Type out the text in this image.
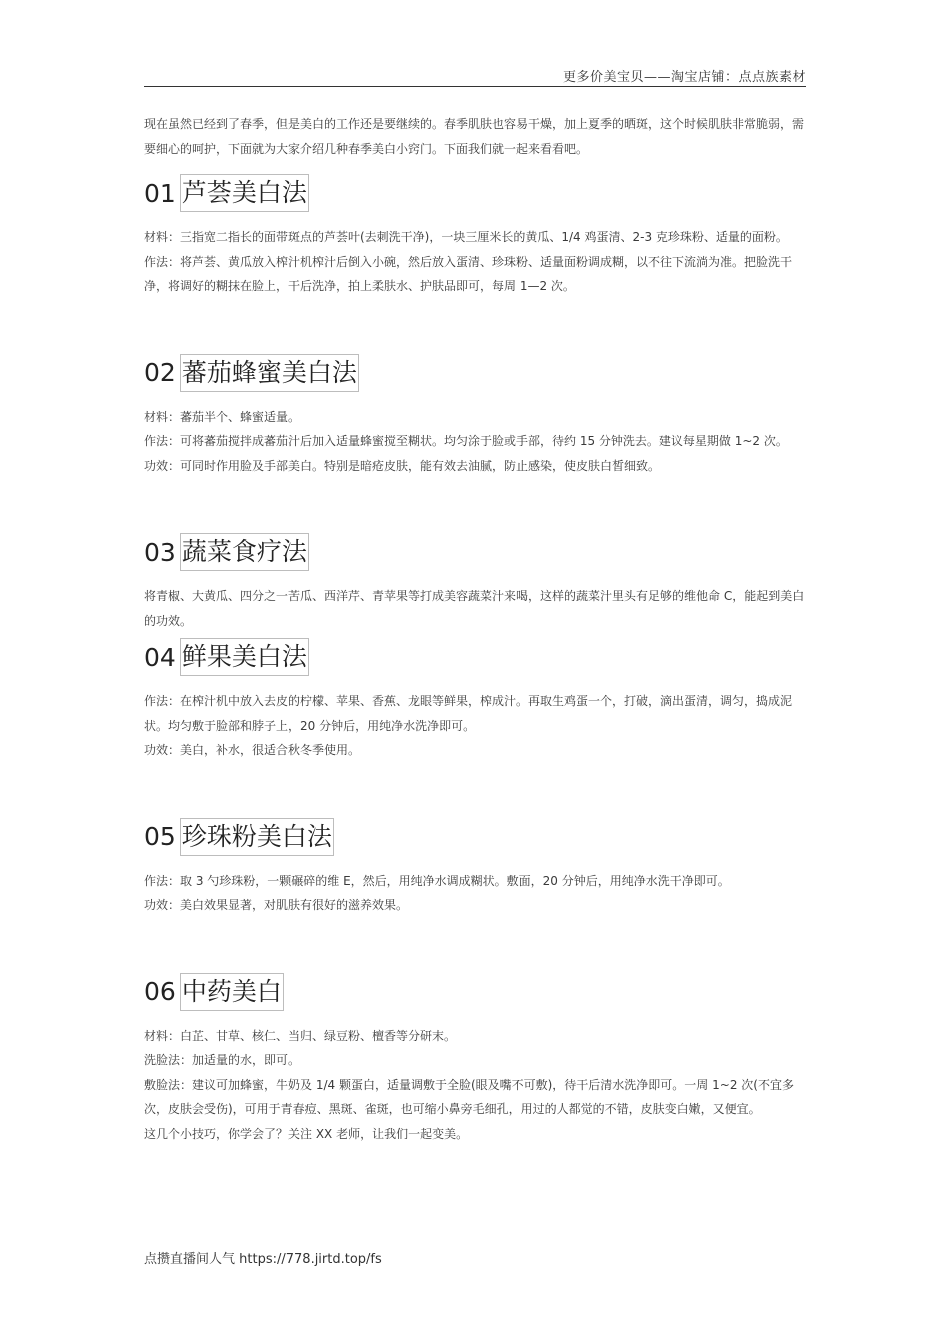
更多价美宝贝——淘宝店铺：点点族素材

现在虽然已经到了春季，但是美白的工作还是要继续的。春季肌肤也容易干燥，加上夏季的晒斑，这个时候肌肤非常脆弱，需要细心的呵护，下面就为大家介绍几种春季美白小窍门。下面我们就一起来看看吧。

01 芦荟美白法

材料：三指宽二指长的面带斑点的芦荟叶(去刺洗干净)，一块三厘米长的黄瓜、1/4 鸡蛋清、2-3 克珍珠粉、适量的面粉。

作法：将芦荟、黄瓜放入榨汁机榨汁后倒入小碗，然后放入蛋清、珍珠粉、适量面粉调成糊，以不往下流淌为准。把脸洗干净，将调好的糊抹在脸上，干后洗净，拍上柔肤水、护肤品即可，每周 1—2 次。

02 蕃茄蜂蜜美白法

材料：蕃茄半个、蜂蜜适量。

作法：可将蕃茄搅拌成蕃茄汁后加入适量蜂蜜搅至糊状。均匀涂于脸或手部，待约 15 分钟洗去。建议每星期做 1~2 次。

功效：可同时作用脸及手部美白。特别是暗疮皮肤，能有效去油腻，防止感染，使皮肤白皙细致。

03 蔬菜食疗法

将青椒、大黄瓜、四分之一苦瓜、西洋芹、青苹果等打成美容蔬菜汁来喝，这样的蔬菜汁里头有足够的维他命 C，能起到美白的功效。

04 鲜果美白法

作法：在榨汁机中放入去皮的柠檬、苹果、香蕉、龙眼等鲜果，榨成汁。再取生鸡蛋一个，打破，滴出蛋清，调匀，捣成泥状。均匀敷于脸部和脖子上，20 分钟后，用纯净水洗净即可。

功效：美白，补水，很适合秋冬季使用。

05 珍珠粉美白法

作法：取 3 勺珍珠粉，一颗碾碎的维 E，然后，用纯净水调成糊状。敷面，20 分钟后，用纯净水洗干净即可。

功效：美白效果显著，对肌肤有很好的滋养效果。

06 中药美白

材料：白芷、甘草、核仁、当归、绿豆粉、檀香等分研末。

洗脸法：加适量的水，即可。

敷脸法：建议可加蜂蜜，牛奶及 1/4 颗蛋白，适量调敷于全脸(眼及嘴不可敷)，待干后清水洗净即可。一周 1~2 次(不宜多次，皮肤会受伤)，可用于青春痘、黑斑、雀斑，也可缩小鼻旁毛细孔，用过的人都觉的不错，皮肤变白嫩，又便宜。

这几个小技巧，你学会了？关注 XX 老师，让我们一起变美。

点攒直播间人气 https://778.jirtd.top/fs
